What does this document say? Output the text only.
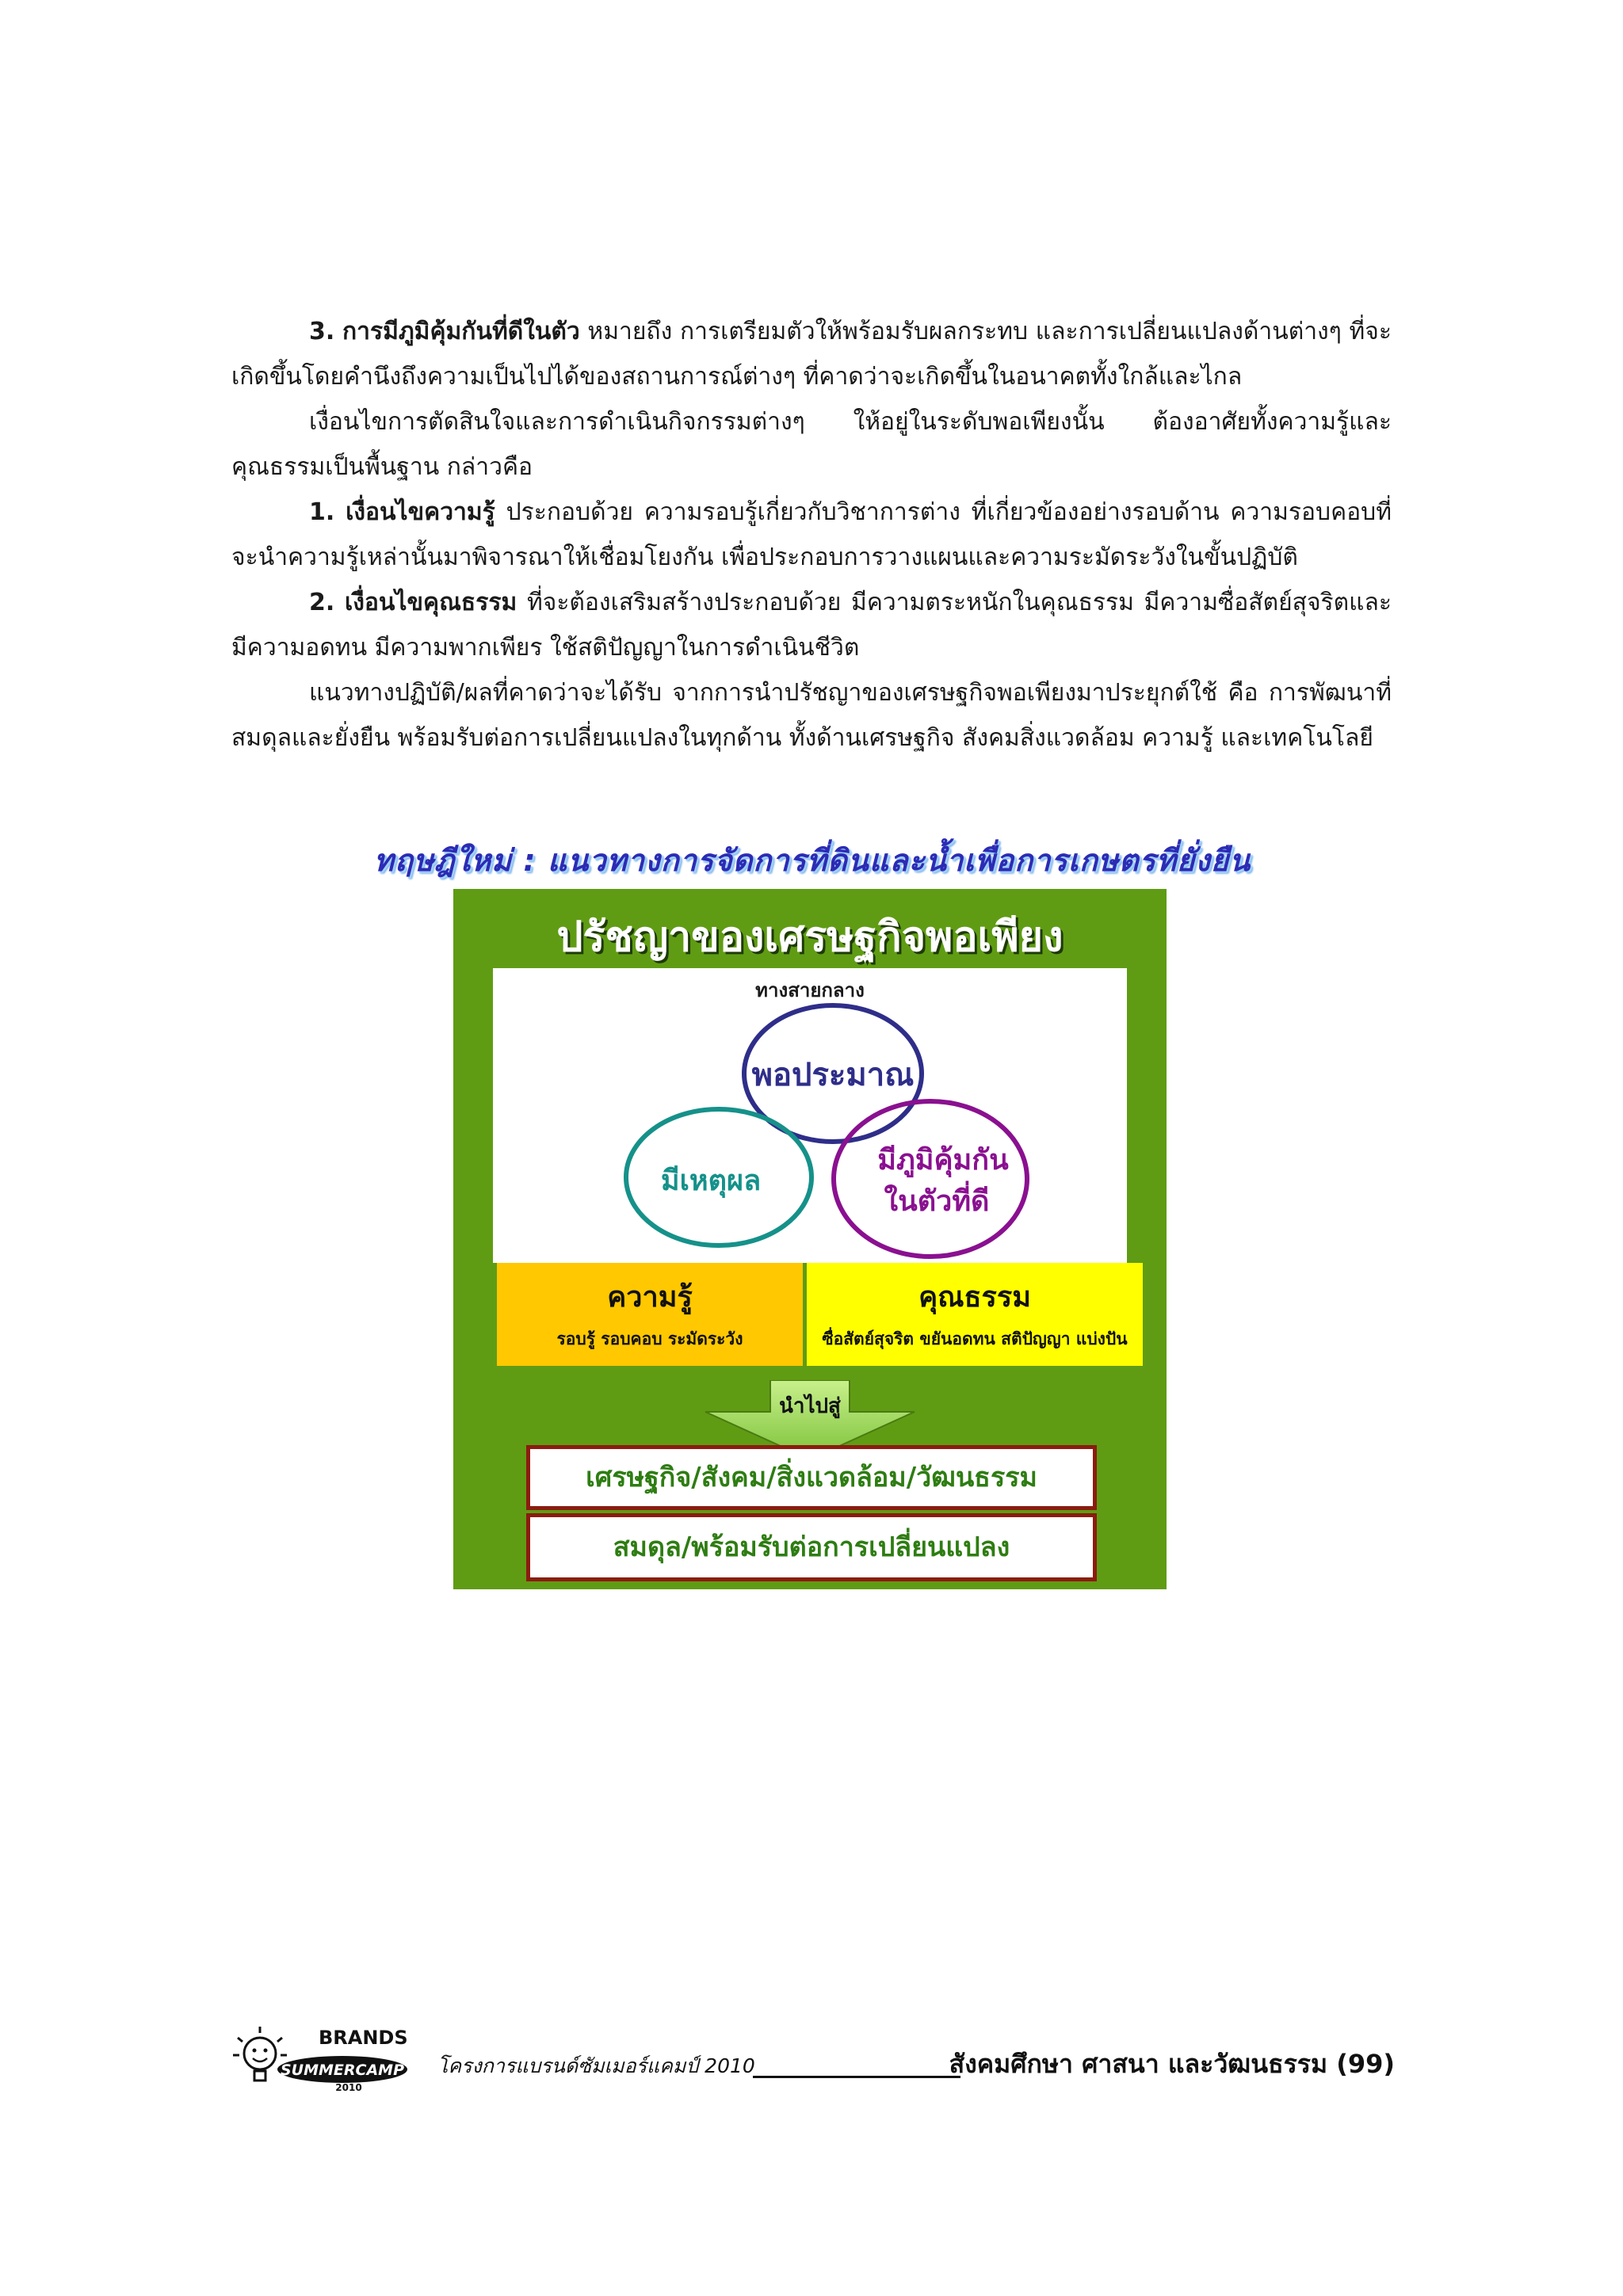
3. การมีภูมิคุ้มกันที่ดีในตัว หมายถึง การเตรียมตัวให้พร้อมรับผลกระทบ และการเปลี่ยนแปลงด้านต่างๆ ที่จะเกิดขึ้นโดยคำนึงถึงความเป็นไปได้ของสถานการณ์ต่างๆ ที่คาดว่าจะเกิดขึ้นในอนาคตทั้งใกล้และไกล

เงื่อนไขการตัดสินใจและการดำเนินกิจกรรมต่างๆ ให้อยู่ในระดับพอเพียงนั้น ต้องอาศัยทั้งความรู้และคุณธรรมเป็นพื้นฐาน กล่าวคือ

1. เงื่อนไขความรู้ ประกอบด้วย ความรอบรู้เกี่ยวกับวิชาการต่าง ที่เกี่ยวข้องอย่างรอบด้าน ความรอบคอบที่จะนำความรู้เหล่านั้นมาพิจารณาให้เชื่อมโยงกัน เพื่อประกอบการวางแผนและความระมัดระวังในขั้นปฏิบัติ

2. เงื่อนไขคุณธรรม ที่จะต้องเสริมสร้างประกอบด้วย มีความตระหนักในคุณธรรม มีความซื่อสัตย์สุจริตและมีความอดทน มีความพากเพียร ใช้สติปัญญาในการดำเนินชีวิต

แนวทางปฏิบัติ/ผลที่คาดว่าจะได้รับ จากการนำปรัชญาของเศรษฐกิจพอเพียงมาประยุกต์ใช้ คือ การพัฒนาที่สมดุลและยั่งยืน พร้อมรับต่อการเปลี่ยนแปลงในทุกด้าน ทั้งด้านเศรษฐกิจ สังคมสิ่งแวดล้อม ความรู้ และเทคโนโลยี

ทฤษฎีใหม่ : แนวทางการจัดการที่ดินและน้ำเพื่อการเกษตรที่ยั่งยืน
ปรัชญาของเศรษฐกิจพอเพียง
ทางสายกลาง
พอประมาณ
มีเหตุผล
มีภูมิคุ้มกัน
ในตัวที่ดี
ความรู้
รอบรู้ รอบคอบ ระมัดระวัง
คุณธรรม
ซื่อสัตย์สุจริต ขยันอดทน สติปัญญา แบ่งปัน
นำไปสู่
เศรษฐกิจ/สังคม/สิ่งแวดล้อม/วัฒนธรรม
สมดุล/พร้อมรับต่อการเปลี่ยนแปลง
BRANDS
SUMMERCAMP
2010
โครงการแบรนด์ซัมเมอร์แคมป์ 2010	สังคมศึกษา ศาสนา และวัฒนธรรม (99)
